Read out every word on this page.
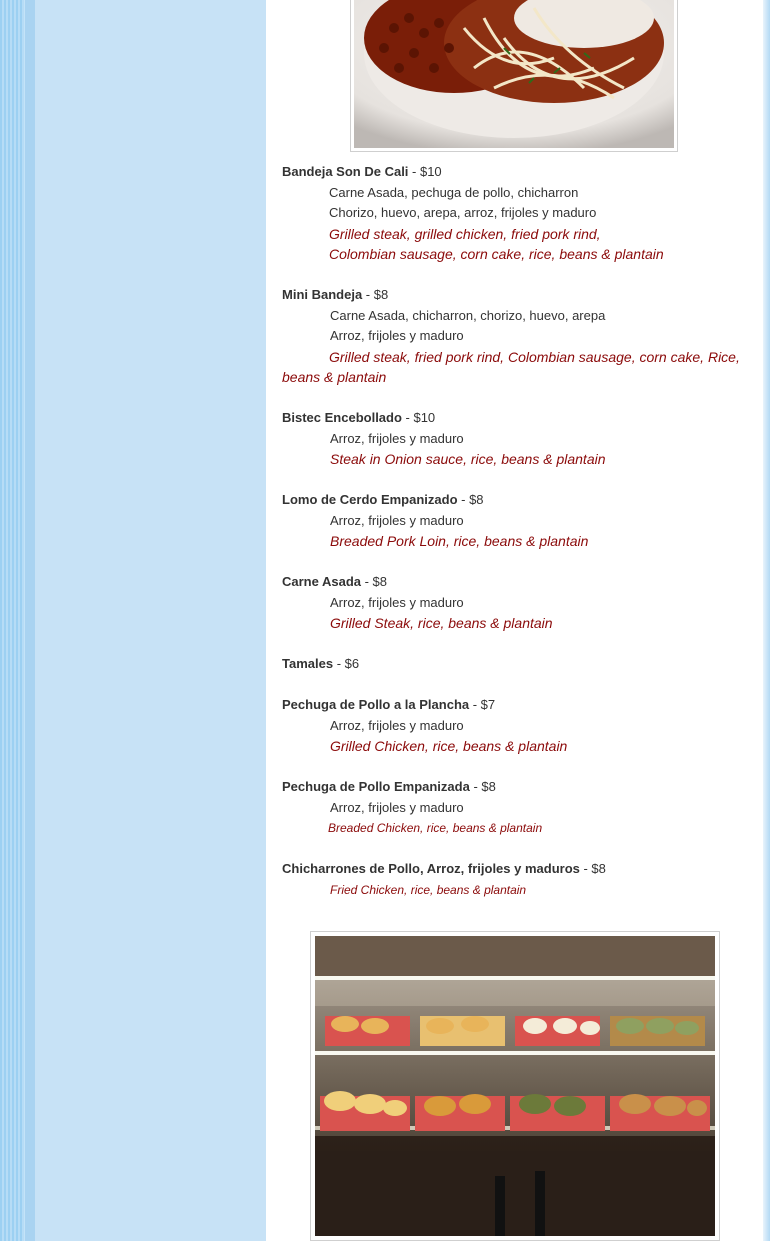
Bandeja Son De Cali - $10
Carne Asada, pechuga de pollo, chicharron
Chorizo, huevo, arepa, arroz, frijoles y maduro
Grilled steak, grilled chicken, fried pork rind,
Colombian sausage, corn cake, rice, beans & plantain
Mini Bandeja - $8
Carne Asada, chicharron, chorizo, huevo, arepa
Arroz, frijoles y maduro
Grilled steak, fried pork rind, Colombian sausage, corn cake, Rice, beans & plantain
Bistec Encebollado - $10
Arroz, frijoles y maduro
Steak in Onion sauce, rice, beans & plantain
Lomo de Cerdo Empanizado - $8
Arroz, frijoles y maduro
Breaded Pork Loin, rice, beans & plantain
Carne Asada - $8
Arroz, frijoles y maduro
Grilled Steak, rice, beans & plantain
Tamales - $6
Pechuga de Pollo a la Plancha - $7
Arroz, frijoles y maduro
Grilled Chicken, rice, beans & plantain
Pechuga de Pollo Empanizada - $8
Arroz, frijoles y maduro
Breaded Chicken, rice, beans & plantain
Chicharrones de Pollo, Arroz, frijoles y maduros - $8
Fried Chicken, rice, beans & plantain
